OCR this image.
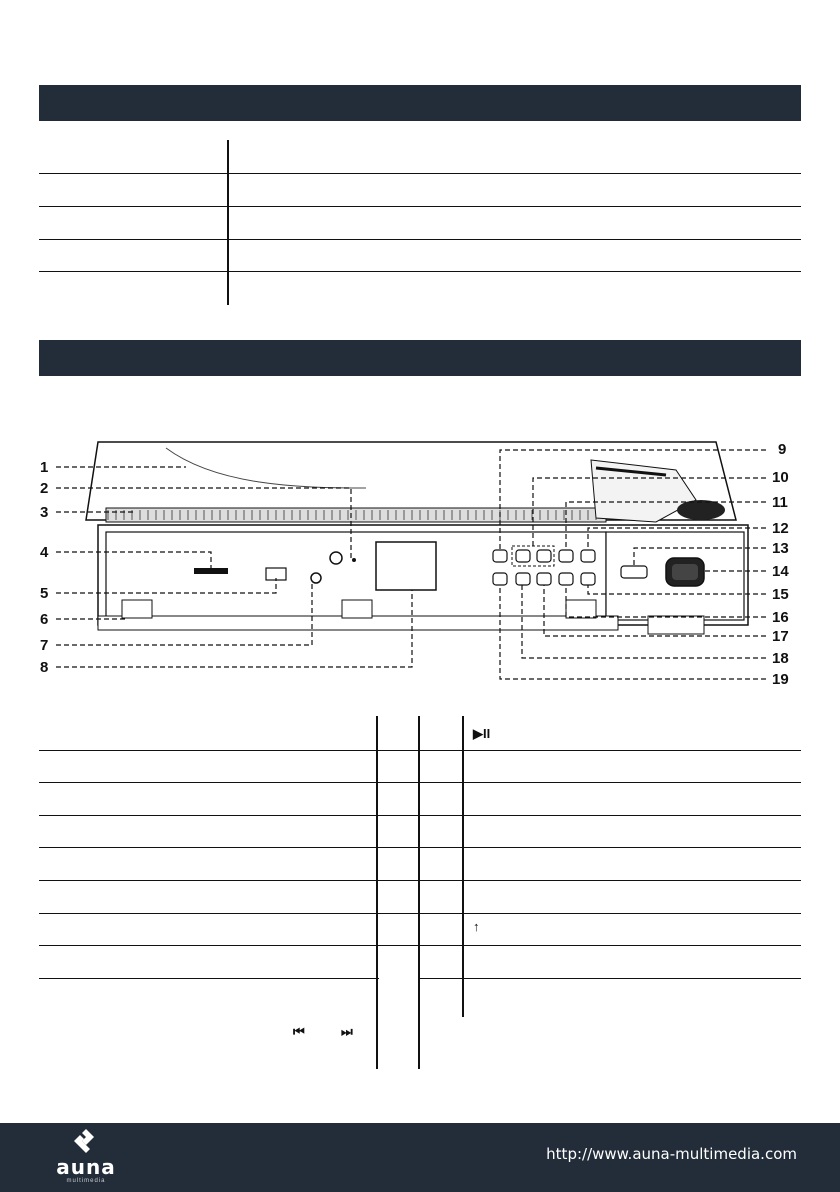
1
2
3
4
5
6
7
8
9
10
11
12
13
14
15
16
17
18
19
▶II
↑
⏮	⏭
auna
multimedia
http://www.auna-multimedia.com
